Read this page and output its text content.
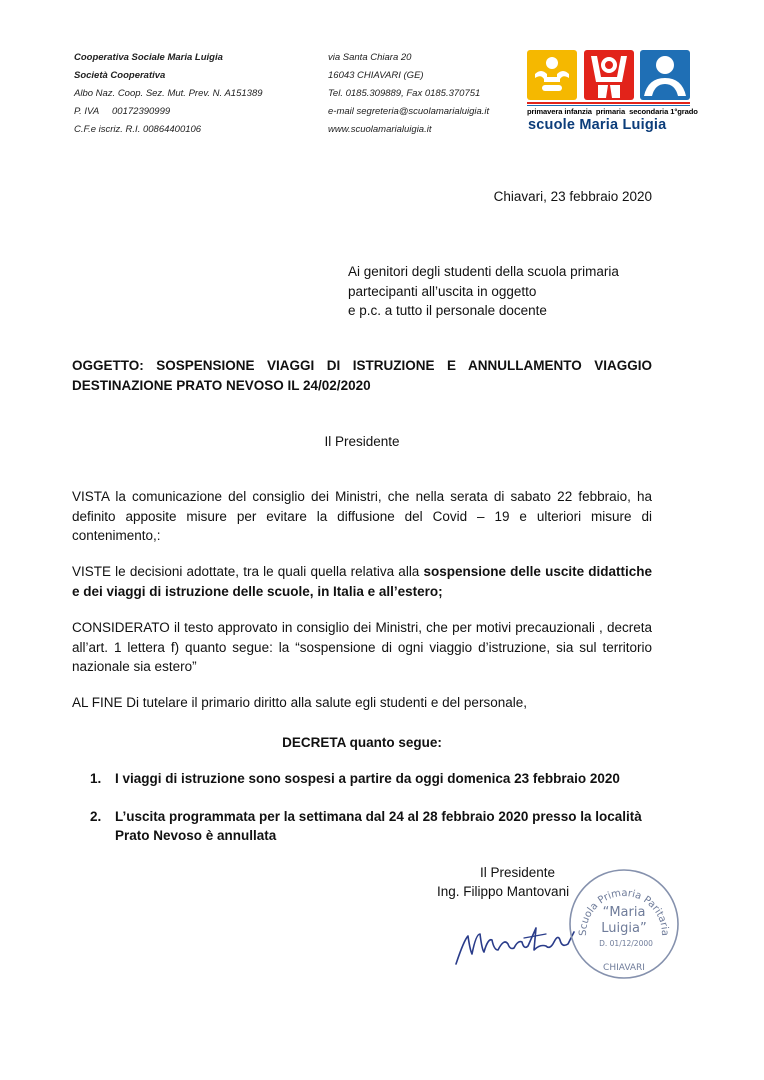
Cooperativa Sociale Maria Luigia
Società Cooperativa
Albo Naz. Coop. Sez. Mut. Prev. N. A151389
P. IVA     00172390999
C.F.e iscriz. R.I. 00864400106
via Santa Chiara 20
16043 CHIAVARI (GE)
Tel. 0185.309889, Fax 0185.370751
e-mail segreteria@scuolamarialuigia.it
www.scuolamarialuigia.it
primavera infanzia  primaria  secondaria 1°grado
scuole Maria Luigia
Chiavari, 23 febbraio 2020
Ai genitori degli studenti della scuola primaria
partecipanti all’uscita in oggetto
e p.c. a tutto il personale docente
OGGETTO: SOSPENSIONE VIAGGI DI ISTRUZIONE E ANNULLAMENTO VIAGGIO
DESTINAZIONE PRATO NEVOSO IL 24/02/2020
Il Presidente
VISTA la comunicazione del consiglio dei Ministri, che nella serata di sabato 22 febbraio, ha definito apposite misure per evitare la diffusione del Covid – 19 e ulteriori misure di contenimento,:
VISTE le decisioni adottate, tra le quali quella relativa alla sospensione delle uscite didattiche e dei viaggi di istruzione delle scuole, in Italia e all’estero;
CONSIDERATO il testo approvato in consiglio dei Ministri, che per motivi precauzionali , decreta all’art. 1 lettera f) quanto segue: la “sospensione di ogni viaggio d’istruzione, sia sul territorio nazionale sia estero”
AL FINE Di tutelare il primario diritto alla salute egli studenti e del personale,
DECRETA quanto segue:
1.	I viaggi di istruzione sono sospesi a partire da oggi domenica 23 febbraio 2020
2.	L’uscita programmata per la settimana dal 24 al 28 febbraio 2020 presso la località Prato Nevoso è annullata
Il Presidente
Ing. Filippo Mantovani
Scuola Primaria Paritaria
“Maria
Luigia”
D. 01/12/2000
CHIAVARI
